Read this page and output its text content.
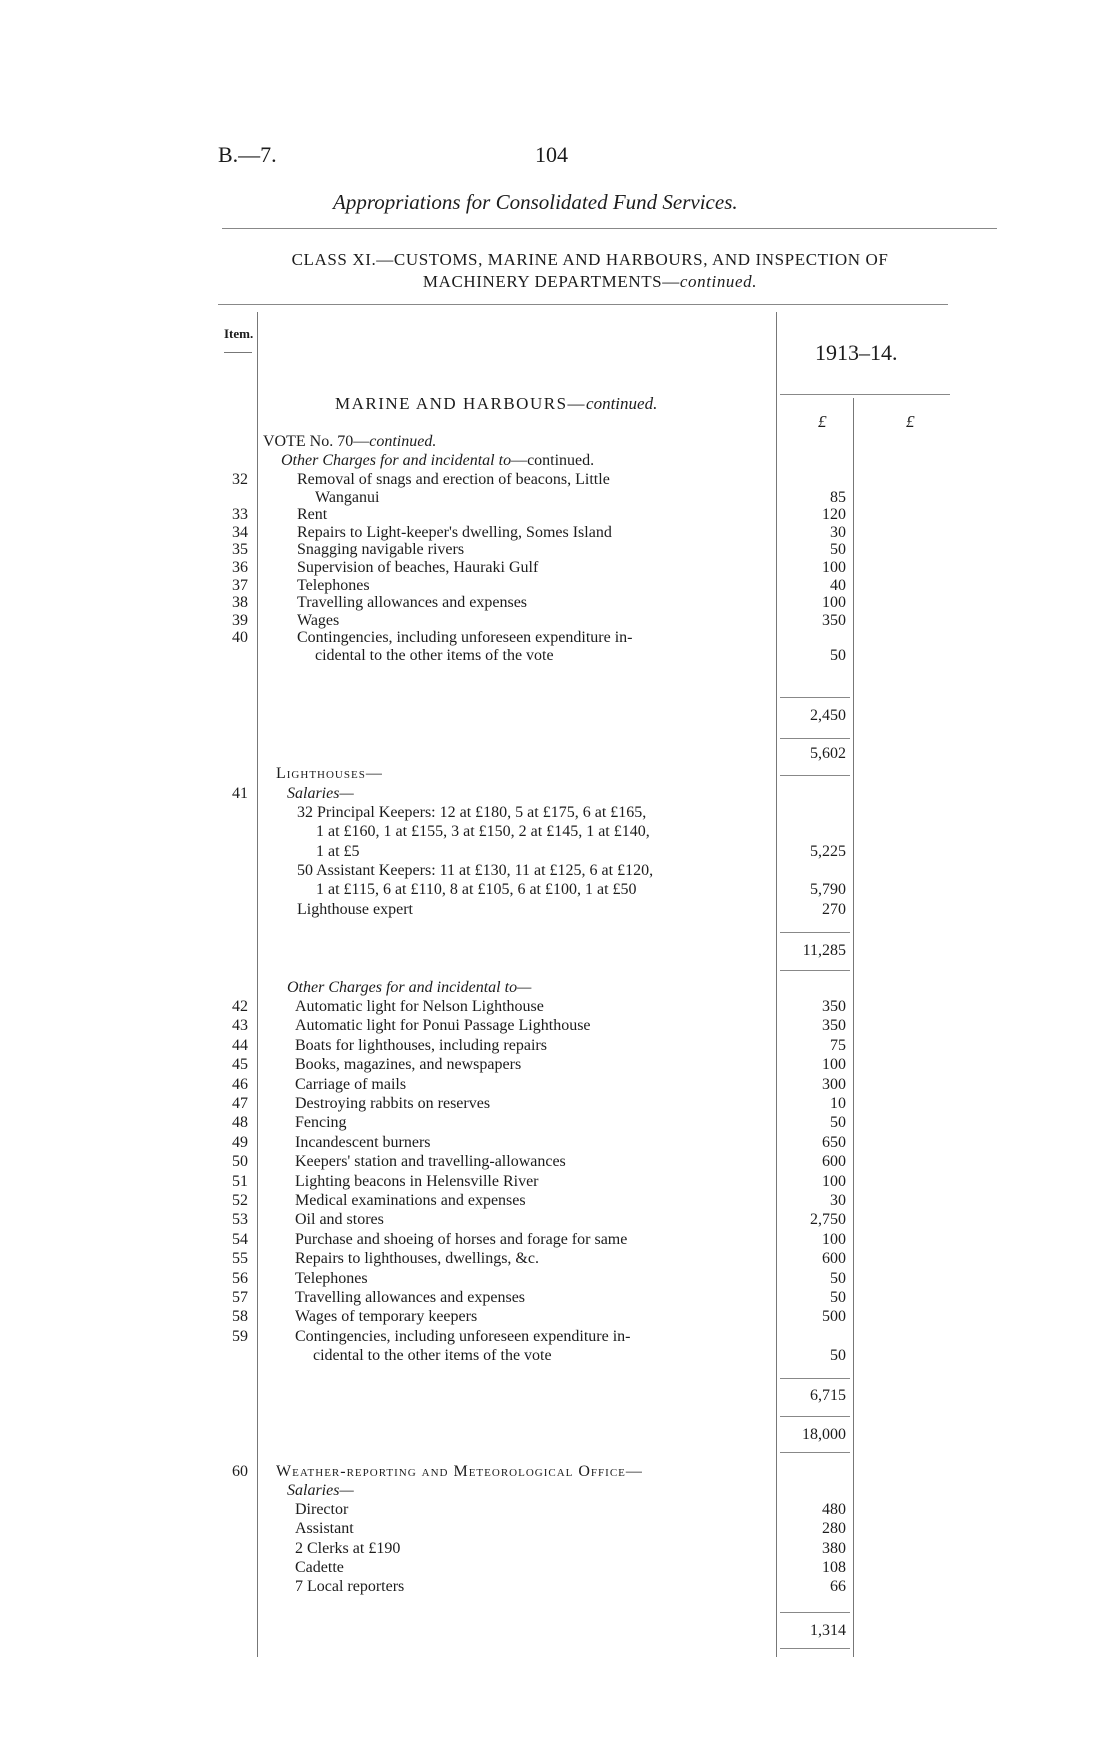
B.—7.	104
Appropriations for Consolidated Fund Services.
CLASS XI.—CUSTOMS, MARINE AND HARBOURS, AND INSPECTION OF
MACHINERY DEPARTMENTS—continued.
Item.
1913–14.
£	£
MARINE AND HARBOURS—continued.
VOTE No. 70—continued.
Other Charges for and incidental to—continued.
32	Removal of snags and erection of beacons, Little
Wanganui	85
33	Rent	120
34	Repairs to Light-keeper's dwelling, Somes Island	30
35	Snagging navigable rivers	50
36	Supervision of beaches, Hauraki Gulf	100
37	Telephones	40
38	Travelling allowances and expenses	100
39	Wages	350
40	Contingencies, including unforeseen expenditure in-
cidental to the other items of the vote	50
2,450
5,602
Lighthouses—
41 Salaries—
32 Principal Keepers: 12 at £180, 5 at £175, 6 at £165,
1 at £160, 1 at £155, 3 at £150, 2 at £145, 1 at £140,
1 at £5	5,225
50 Assistant Keepers: 11 at £130, 11 at £125, 6 at £120,
1 at £115, 6 at £110, 8 at £105, 6 at £100, 1 at £50	5,790
Lighthouse expert	270
11,285
Other Charges for and incidental to—
42	Automatic light for Nelson Lighthouse	350
43	Automatic light for Ponui Passage Lighthouse	350
44	Boats for lighthouses, including repairs	75
45	Books, magazines, and newspapers	100
46	Carriage of mails	300
47	Destroying rabbits on reserves	10
48	Fencing	50
49	Incandescent burners	650
50	Keepers' station and travelling-allowances	600
51	Lighting beacons in Helensville River	100
52	Medical examinations and expenses	30
53	Oil and stores	2,750
54	Purchase and shoeing of horses and forage for same	100
55	Repairs to lighthouses, dwellings, &c.	600
56	Telephones	50
57	Travelling allowances and expenses	50
58	Wages of temporary keepers	500
59	Contingencies, including unforeseen expenditure in-
cidental to the other items of the vote	50
6,715
18,000
60 Weather-reporting and Meteorological Office—
Salaries—
Director	480
Assistant	280
2 Clerks at £190	380
Cadette	108
7 Local reporters	66
1,314
